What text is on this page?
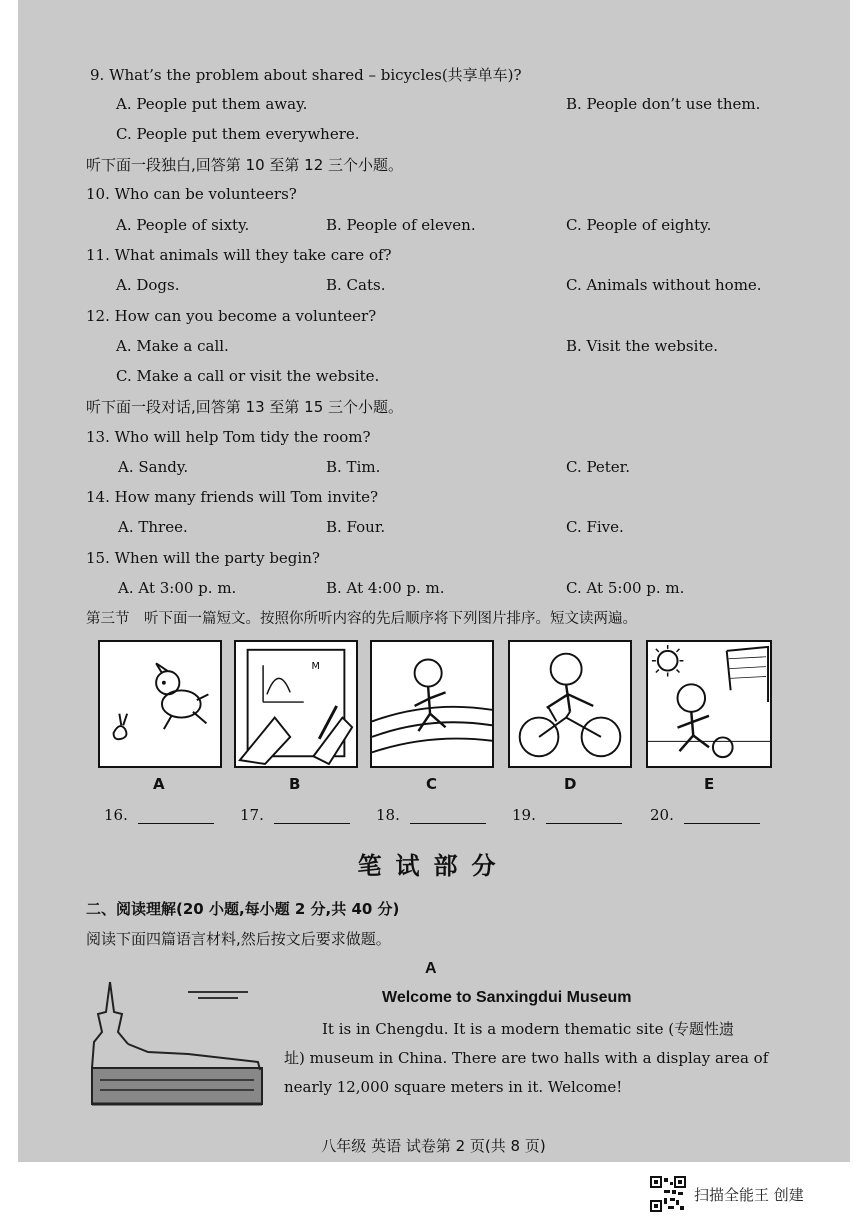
9. What’s the problem about shared – bicycles(共享单车)?
A. People put them away.	B. People don’t use them.
C. People put them everywhere.
听下面一段独白,回答第 10 至第 12 三个小题。
10. Who can be volunteers?
A. People of sixty.	B. People of eleven.	C. People of eighty.
11. What animals will they take care of?
A. Dogs.	B. Cats.	C. Animals without home.
12. How can you become a volunteer?
A. Make a call.	B. Visit the website.
C. Make a call or visit the website.
听下面一段对话,回答第 13 至第 15 三个小题。
13. Who will help Tom tidy the room?
A. Sandy.	B. Tim.	C. Peter.
14. How many friends will Tom invite?
A. Three.	B. Four.	C. Five.
15. When will the party begin?
A. At 3:00 p. m.	B. At 4:00 p. m.	C. At 5:00 p. m.
第三节　听下面一篇短文。按照你所听内容的先后顺序将下列图片排序。短文读两遍。
M
A	B	C	D	E
16.	17.	18.	19.	20.
笔试部分
二、阅读理解(20 小题,每小题 2 分,共 40 分)
阅读下面四篇语言材料,然后按文后要求做题。
A
Welcome to Sanxingdui Museum
It is in Chengdu. It is a modern thematic site (专题性遗
址) museum in China. There are two halls with a display area of
nearly 12,000 square meters in it. Welcome!
八年级 英语 试卷第 2 页(共 8 页)
扫描全能王 创建
